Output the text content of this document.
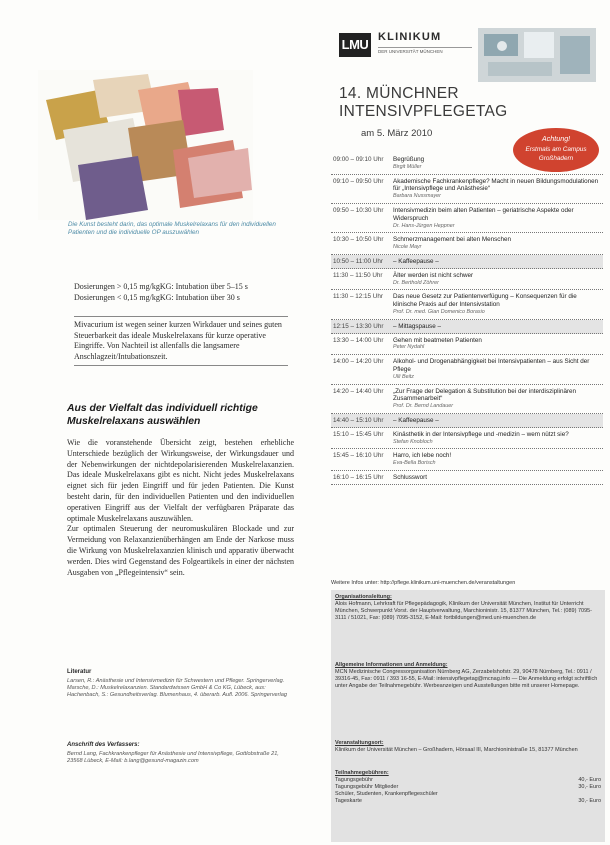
Die Kunst besteht darin, das optimale Muskelrelaxans für den individuellen Patienten und die individuelle OP auszuwählen
Dosierungen > 0,15 mg/kgKG: Intubation über 5–15 s
Dosierungen < 0,15 mg/kgKG: Intubation über 30 s
Mivacurium ist wegen seiner kurzen Wirkdauer und seines guten Steuerbarkeit das ideale Muskelrelaxans für kurze operative Eingriffe. Von Nachteil ist allenfalls die langsamere Anschlagzeit/Intubationszeit.
Aus der Vielfalt das individuell richtige Muskelrelaxans auswählen

Wie die voranstehende Übersicht zeigt, bestehen erhebliche Unterschiede bezüglich der Wirkungsweise, der Wirkungsdauer und der Nebenwirkungen der nichtdepolarisierenden Muskelrelaxanzien. Das ideale Muskelrelaxans gibt es nicht. Nicht jedes Muskelrelaxans eignet sich für jeden Eingriff und für jeden Patienten. Die Kunst besteht darin, für den individuellen Patienten und den individuellen operativen Eingriff aus der Vielfalt der verfügbaren Präparate das optimale Muskelrelaxans auszuwählen.

Zur optimalen Steuerung der neuromuskulären Blockade und zur Vermeidung von Relaxanzienüberhängen am Ende der Narkose muss die Wirkung von Muskelrelaxanzien klinisch und apparativ überwacht werden. Dies wird Gegenstand des Folgeartikels in einer der nächsten Ausgaben von „Pflegeintensiv“ sein.

Literatur
Larsen, R.: Anästhesie und Intensivmedizin für Schwestern und Pfleger. Springerverlag. Marsche, D.: Muskelrelaxanzien. Standardwissen GmbH & Co KG, Lübeck, aus: Hachenbach, S.: Gesundheitsverlag. Blumenhaus, 4. überarb. Aufl. 2006. Springerverlag
Anschrift des Verfassers:
Bernd Lang, Fachkrankenpfleger für Anästhesie und Intensivpflege, Gottlobstraße 21, 23568 Lübeck, E-Mail: b.lang@gesund-magazin.com
LMU KLINIKUM
DER UNIVERSITÄT MÜNCHEN
14. MÜNCHNER INTENSIVPFLEGETAG
am 5. März 2010	Achtung!
Erstmals am Campus
Großhadern
09:00 – 09:10 Uhr	Begrüßung
Birgit Müller
09:10 – 09:50 Uhr	Akademische Fachkrankenpflege? Macht in neuen Bildungsmodulationen für „Intensivpflege und Anästhesie“
Barbara Nussmayer
09:50 – 10:30 Uhr	Intensivmedizin beim alten Patienten – geriatrische Aspekte oder Widerspruch
Dr. Hans-Jürgen Heppner
10:30 – 10:50 Uhr	Schmerzmanagement bei alten Menschen
Nicole Mayr
10:50 – 11:00 Uhr	– Kaffeepause –
11:30 – 11:50 Uhr	Älter werden ist nicht schwer
Dr. Berthold Zöhrer
11:30 – 12:15 Uhr	Das neue Gesetz zur Patientenverfügung – Konsequenzen für die klinische Praxis auf der Intensivstation
Prof. Dr. med. Gian Domenico Borasio
12:15 – 13:30 Uhr	– Mittagspause –
13:30 – 14:00 Uhr	Gehen mit beatmeten Patienten
Peter Nydahl
14:00 – 14:20 Uhr	Alkohol- und Drogenabhängigkeit bei Intensivpatienten – aus Sicht der Pflege
Ulli Beitz
14:20 – 14:40 Uhr	„Zur Frage der Delegation & Substitution bei der interdisziplinären Zusammenarbeit“
Prof. Dr. Bernd Landauer
14:40 – 15:10 Uhr	– Kaffeepause –
15:10 – 15:45 Uhr	Kinästhetik in der Intensivpflege und -medizin – wem nützt sie?
Stefan Knobloch
15:45 – 16:10 Uhr	Harro, ich lebe noch!
Eva-Bella Borisch
16:10 – 16:15 Uhr	Schlusswort
Weitere Infos unter: http://pflege.klinikum.uni-muenchen.de/veranstaltungen
Organisationsleitung:
Alois Hofmann, Lehrkraft für Pflegepädagogik, Klinikum der Universität München, Institut für Unterricht München, Schwerpunkt Vorst. der Hauptverwaltung, Marchioninistr. 15, 81377 München, Tel.: (089) 7095-3111 / 51021, Fax: (089) 7095-3152, E-Mail: fortbildungen@med.uni-muenchen.de
Allgemeine Informationen und Anmeldung:
MCN Medizinische Congressorganisation Nürnberg AG, Zerzabelshofstr. 29, 90478 Nürnberg, Tel.: 0911 / 39316-45, Fax: 0911 / 393 16-55, E-Mail: intensivpflegetag@mcnag.info — Die Anmeldung erfolgt schriftlich unter Angabe der Teilnahmegebühr. Werbeanzeigen und Ausstellungen bitte mit unserer Homepage.
Veranstaltungsort:
Klinikum der Universität München – Großhadern, Hörsaal III, Marchioninistraße 15, 81377 München
Teilnahmegebühren:
Tagungsgebühr	40,- Euro
Tagungsgebühr Mitglieder	30,- Euro
Schüler, Studenten, Krankenpflegeschüler
Tageskarte	30,- Euro
